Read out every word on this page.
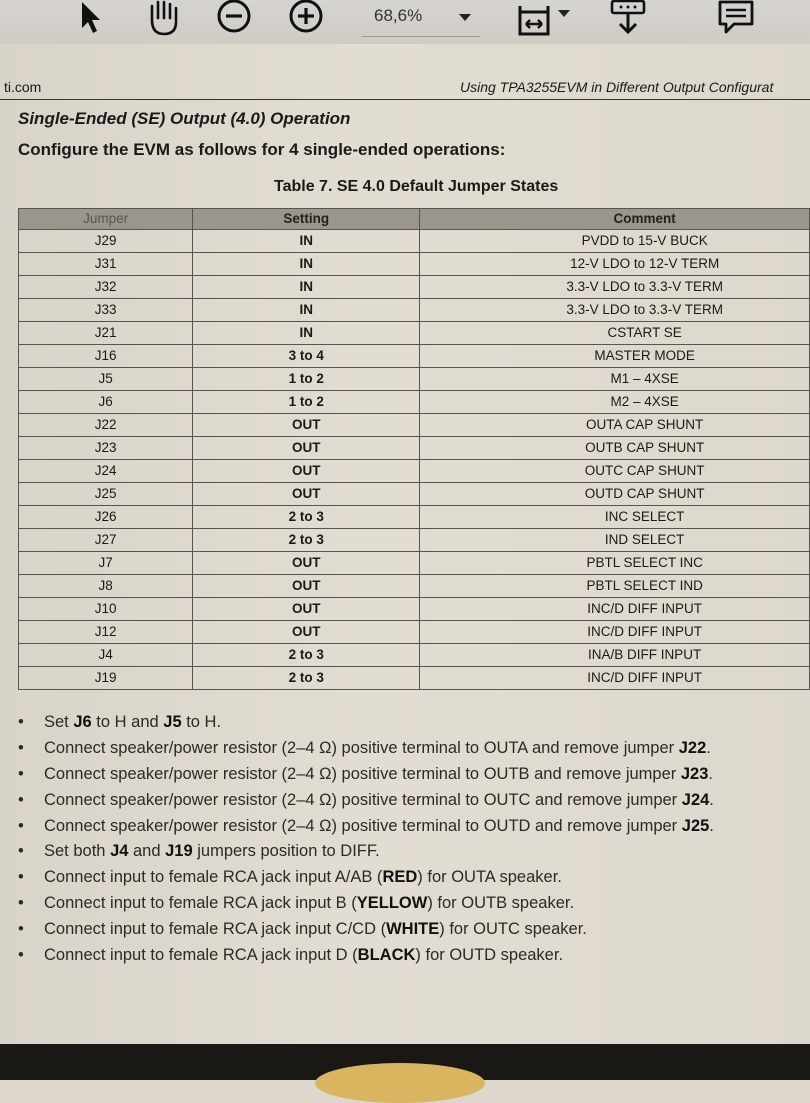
68,6%
ti.com	Using TPA3255EVM in Different Output Configurat
Single-Ended (SE) Output (4.0) Operation
Configure the EVM as follows for 4 single-ended operations:
Table 7. SE 4.0 Default Jumper States
Jumper	Setting	Comment
J29	IN	PVDD to 15-V BUCK
J31	IN	12-V LDO to 12-V TERM
J32	IN	3.3-V LDO to 3.3-V TERM
J33	IN	3.3-V LDO to 3.3-V TERM
J21	IN	CSTART SE
J16	3 to 4	MASTER MODE
J5	1 to 2	M1 – 4XSE
J6	1 to 2	M2 – 4XSE
J22	OUT	OUTA CAP SHUNT
J23	OUT	OUTB CAP SHUNT
J24	OUT	OUTC CAP SHUNT
J25	OUT	OUTD CAP SHUNT
J26	2 to 3	INC SELECT
J27	2 to 3	IND SELECT
J7	OUT	PBTL SELECT INC
J8	OUT	PBTL SELECT IND
J10	OUT	INC/D DIFF INPUT
J12	OUT	INC/D DIFF INPUT
J4	2 to 3	INA/B DIFF INPUT
J19	2 to 3	INC/D DIFF INPUT
• Set J6 to H and J5 to H.
• Connect speaker/power resistor (2–4 Ω) positive terminal to OUTA and remove jumper J22.
• Connect speaker/power resistor (2–4 Ω) positive terminal to OUTB and remove jumper J23.
• Connect speaker/power resistor (2–4 Ω) positive terminal to OUTC and remove jumper J24.
• Connect speaker/power resistor (2–4 Ω) positive terminal to OUTD and remove jumper J25.
• Set both J4 and J19 jumpers position to DIFF.
• Connect input to female RCA jack input A/AB (RED) for OUTA speaker.
• Connect input to female RCA jack input B (YELLOW) for OUTB speaker.
• Connect input to female RCA jack input C/CD (WHITE) for OUTC speaker.
• Connect input to female RCA jack input D (BLACK) for OUTD speaker.
